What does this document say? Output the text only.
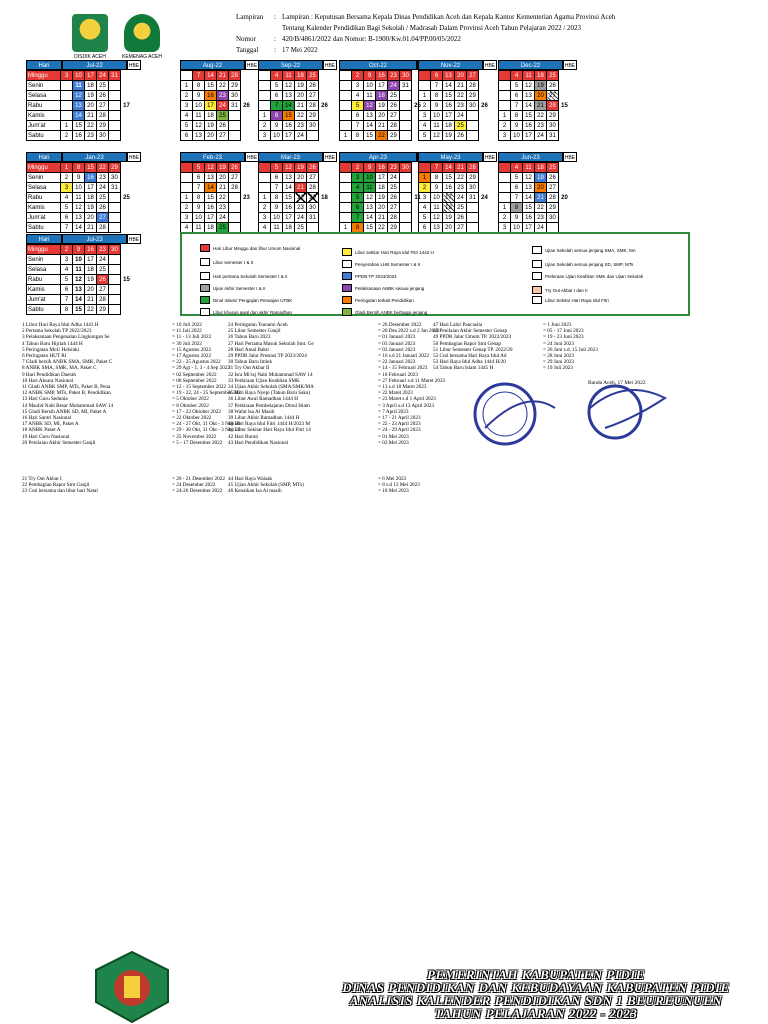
DISDIK ACEH	KEMENAG ACEH
Lampiran	: Lampiran : Keputusan Bersama Kepala Dinas Pendidikan Aceh dan Kepala Kantor Kementerian Agama Provinsi Aceh
Tentang Kalender Pendidikan Bagi Sekolah / Madrasah Dalam Provinsi Aceh Tahun Pelajaran 2022 / 2023
Nomor	: 420/B/4861/2022 dan Nomor: B-1900/Kw.01.04/PP.00/05/2022
Tanggal	: 17 Mei 2022
Hari	Jul-22	HBE
Minggu	3	10	17	24	31	
Senin		11	18	25		
Selasa		12	19	26		
Rabu		13	20	27		17
Kamis		14	21	28		
Jum'at	1	15	22	29		
Sabtu	2	16	23	30		
Aug-22	HBE
	7	14	21	28	
1	8	15	22	29	
2	9	16	23	30	
3	10	17	24	31	26
4	11	18	25		
5	12	19	26		
6	13	20	27		
Sep-22	HBE
	4	11	18	25	
	5	12	19	26	
	6	13	20	27	
	7	14	21	28	26
1	8	15	22	29	
2	9	16	23	30	
3	10	17	24		
Oct-22
	2	9	16	23	30	
	3	10	17	24	31	
	4	11	18	25		
	5	12	19	26		25
	6	13	20	27		
	7	14	21	28		
1	8	15	22	29		
Nov-22	HBE
	6	13	20	27	
	7	14	21	28	
1	8	15	22	29	
2	9	16	23	30	26
3	10	17	24		
4	11	18	25		
5	12	19	26		
Dec-22	HBE
	4	11	18	25	
	5	12	19	26	
	6	13	20	27	
	7	14	21	28	15
1	8	15	22	29	
2	9	16	23	30	
3	10	17	24	31	
Hari	Jan-23	HBE
Minggu	1	8	15	22	29	
Senin	2	9	16	23	30	
Selasa	3	10	17	24	31	
Rabu	4	11	18	25		25
Kamis	5	12	19	26		
Jum'at	6	13	20	27		
Sabtu	7	14	21	28		
Feb-23	HBE
	5	12	19	26	
	6	13	20	27	
	7	14	21	28	
1	8	15	22		23
2	9	16	23		
3	10	17	24		
4	11	18	25		
Mar-23	HBE
	5	12	19	26	
	6	13	20	27	
	7	14	21	28	
1	8	15	22	29	18
2	9	16	23	30	
3	10	17	24	31	
4	11	18	25		
Apr-23
	2	9	16	23	30	
	3	10	17	24		
	4	11	18	25		
	5	12	19	26		11
	6	13	20	27		
	7	14	21	28		
1	8	15	22	29		
May-23	HBE
	7	14	21	28	
1	8	15	22	29	
2	9	16	23	30	
3	10	17	24	31	24
4	11	18	25		
5	12	19	26		
6	13	20	27		
Jun-23	HBE
	4	11	18	25	
	5	12	19	26	
	6	13	20	27	
	7	14	21	28	20
1	8	15	22	29	
2	9	16	23	30	
3	10	17	24		
Hari	Jul-23	HBE
Minggu	2	9	16	23	30	
Senin	3	10	17	24		
Selasa	4	11	18	25		
Rabu	5	12	19	26		15
Kamis	6	13	20	27		
Jum'at	7	14	21	28		
Sabtu	8	15	22	29		
Hari Libur Minggu dan libur Umum Nasional
Libur semester I & II
Hari pertama Sekolah Semester I & II
Ujian Akhir Semester I & II
Dinul Islami/ Pengajian Penaajan UTBK
Libur khusus awal dan akhir Ramadhan
Libur sekitar Hari Raya Idul Fitri 1442 H
Penyerahan LHB Semester I & II
PPDB TP 2023/2024
Pelaksanaan ANBK sesuai jenjang
Peringatan terkait Pendidikan
Gladi Bersih ANBK berbagai jenjang
Ujian Sekolah semua jenjang SMA, SMK, MA
Ujian Sekolah semua jenjang SD, SMP, MTs
Perkiraan Ujian Keahlian SMK dan Ujian Sekolah
Try Out Akbar I dan II
Libur Sekitar Hari Raya Idul Fitri
1 Libur Hari Raya Idul Adha 1443 H	= 10 Juli 2022
2 Pertama Sekolah TP 2022/2023	= 11 Juli 2022
3 Pelaksanaan Pengenalan Lingkungan Se	= 11 - 13 Juli 2022
4 Tahun Baru Hijriah 1444 H	= 30 Juli 2022
5 Peringatan MoU Helsinki	= 15 Agustus 2022
6 Peringatan HUT RI	= 17 Agustus 2022
7 Gladi bersih ANBK SMA, SMK, Paket C	= 22 - 25 Agustus 2022
8 ANBK SMA, SMK, MA, Paket C	= 29 Agt - 1, 3 - 4 Sep 2022
9 Hari Pendidikan Daerah	= 02 September 2022
10 Hari Aksara Nasional	= 08 September 2022
11 Gladi ANBK SMP, MTs, Paket B, Pena	= 12 - 15 September 2022
12 ANBK SMP, MTs, Paket B, Pendidikan	= 19 - 22, 24 - 25 September 202
13 Hari Guru Sedunia	= 5 Oktober 2022
14 Maulid Nabi Besar Muhammad SAW 14	= 8 Oktober 2022
15 Gladi Bersih ANBK SD, MI, Paket A	= 17 - 22 Oktober 2022
16 Hari Santri Nasional	= 22 Oktober 2022
17 ANBK SD, MI, Paket A	= 24 - 27 Okt, 31 Okt - 3 Nop 20
18 ANBK Paket A	= 29 - 30 Okt, 31 Okt - 3 Nop 20
19 Hari Guru Nasional	= 25 November 2022
20 Penilaian Akhir Semester Ganjil	= 5 - 17 Desember 2022
21 Try Out Akbar I	= 20 - 21 Desember 2022
22 Pembagian Rapor Smt Ganjil	= 24 Desember 2022
23 Cuti bersama dan libur hari Natal	= 24-26 Desember 2022
24 Peringatan Tsunami Aceh	= 26 Desember 2022
25 Libur Semester Ganjil	= 26 Des 2022 s.d 2 Jan 2023
26 Tahun Baru 2023	= 01 Januari 2023
27 Hari Pertama Masuk Sekolah Smt. Ge	= 03 Januari 2023
28 Hari Amal Bakti	= 03 Januari 2023
29 PPDB Jalur Prestasi TP 2023/2024	= 16 s.d 21 Januari 2022
30 Tahun Baru Imlek	= 22 Januari 2023
31 Try Out Akbar II	= 14 - 15 Februari 2023
32 Isra Mi'raj Nabi Muhammad SAW 14	= 18 Februari 2023
33 Perkiraan Ujian Keahlian SMK	= 27 Februari s.d 11 Maret 2023
34 Ujian Akhir Sekolah (SMA/SMK/MA	= 13 s.d 18 Maret 2023
35 Hari Raya Nyepi (Tahun Baru Saka)	= 22 Maret 2023
36 Libur Awal Ramadhan 1444 H	= 23 Maret s.d 1 April 2023
37 Perkiraan Pembelajaran Dinul Islam	= 3 April s.d 13 April 2023
38 Wafat Isa Al Masih	= 7 April 2023
39 Libur Akhir Ramadhan 1444 H	= 17 - 21 April 2023
40 Hari Raya Idul Fitri 1444 H/2023 M	= 22 - 23 April 2023
41 Libur Sekitar Hari Raya Idul Fitri 14	= 24 - 29 April 2023
42 Hari Buruh	= 01 Mei 2023
43 Hari Pendidikan Nasional	= 02 Mei 2023
44 Hari Raya Waisak	= 6 Mei 2023
45 Ujian Akhir Sekolah (SMP, MTs)	= 8 s.d 13 Mei 2023
46 Kenaikan Isa Al masih	= 18 Mei 2023
47 Hari Lahir Pancasila	= 1 Juni 2023
48 Penilaian Akhir Semester Genap	= 05 - 17 Juni 2023
49 PPDB Jalur Umum TP. 2022/2023	= 19 - 23 Juni 2023
50 Pembagian Rapor Smt Genap	= 24 Juni 2023
51 Libur Semester Genap TP. 2022/20	= 26 Juni s.d. 15 Juli 2023
52 Cuti bersama Hari Raya Idul Ad	= 28 Juni 2023
53 Hari Raya Idul Adha 1444 H/20	= 29 Juni 2023
54 Tahun Baru Islam 1445 H	= 19 Juli 2023
Banda Aceh, 17 Mei 2022
PEMERINTAH KABUPATEN PIDIE
DINAS PENDIDIKAN DAN KEBUDAYAAN KABUPATEN PIDIE
ANALISIS KALENDER PENDIDIKAN SDN 1 BEUREUNUEN
TAHUN PELAJARAN 2022 - 2023
